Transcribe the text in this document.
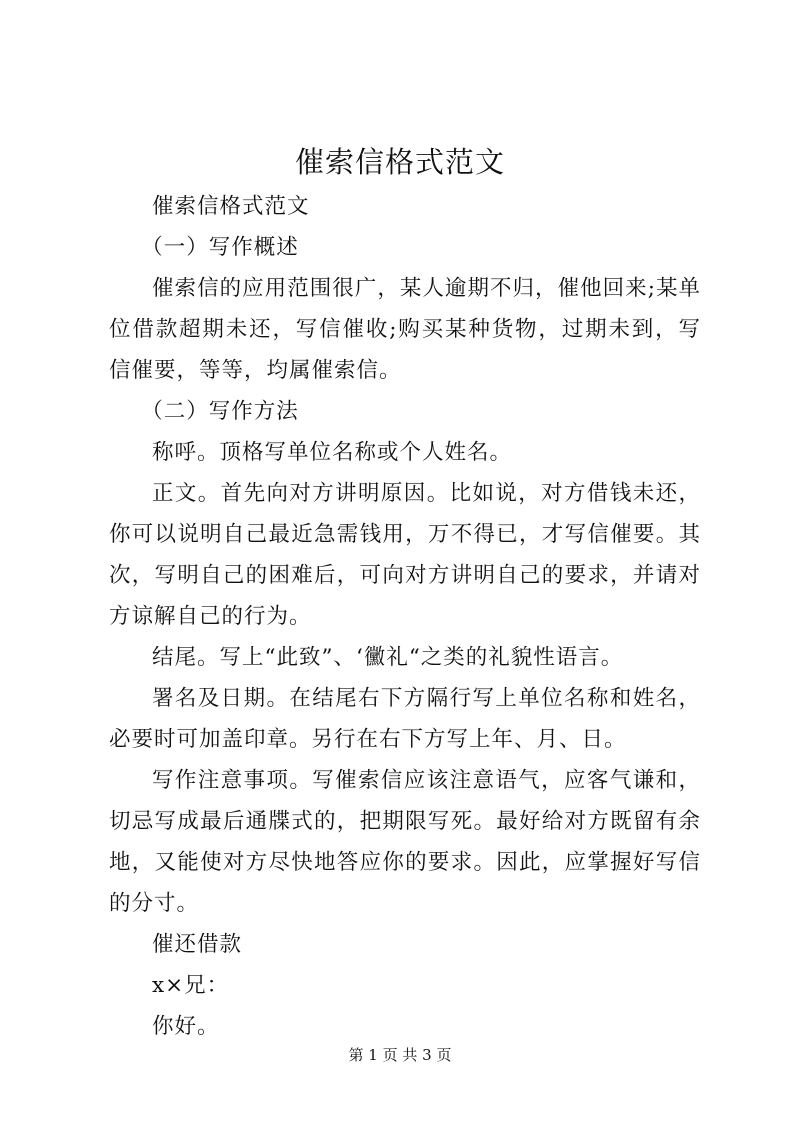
催索信格式范文

催索信格式范文

（一）写作概述

催索信的应用范围很广，某人逾期不归，催他回来;某单位借款超期未还，写信催收;购买某种货物，过期未到，写信催要，等等，均属催索信。

（二）写作方法

称呼。顶格写单位名称或个人姓名。

正文。首先向对方讲明原因。比如说，对方借钱未还，你可以说明自己最近急需钱用，万不得已，才写信催要。其次，写明自己的困难后，可向对方讲明自己的要求，并请对方谅解自己的行为。

结尾。写上“此致”、‘黴礼“之类的礼貌性语言。

署名及日期。在结尾右下方隔行写上单位名称和姓名，必要时可加盖印章。另行在右下方写上年、月、日。

写作注意事项。写催索信应该注意语气，应客气谦和，切忌写成最后通牒式的，把期限写死。最好给对方既留有余地，又能使对方尽快地答应你的要求。因此，应掌握好写信的分寸。

催还借款

x×兄：

你好。

第 1 页 共 3 页
